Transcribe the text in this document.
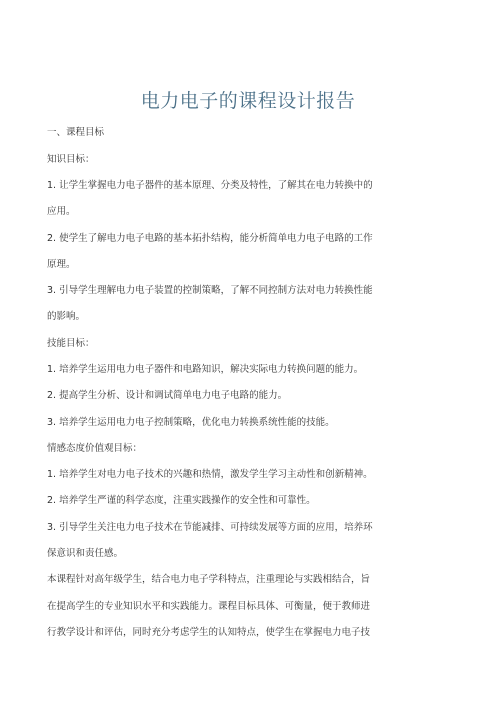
电力电子的课程设计报告
一、课程目标
知识目标：
1. 让学生掌握电力电子器件的基本原理、分类及特性，了解其在电力转换中的
应用。
2. 使学生了解电力电子电路的基本拓扑结构，能分析简单电力电子电路的工作
原理。
3. 引导学生理解电力电子装置的控制策略，了解不同控制方法对电力转换性能
的影响。
技能目标：
1. 培养学生运用电力电子器件和电路知识，解决实际电力转换问题的能力。
2. 提高学生分析、设计和调试简单电力电子电路的能力。
3. 培养学生运用电力电子控制策略，优化电力转换系统性能的技能。
情感态度价值观目标：
1. 培养学生对电力电子技术的兴趣和热情，激发学生学习主动性和创新精神。
2. 培养学生严谨的科学态度，注重实践操作的安全性和可靠性。
3. 引导学生关注电力电子技术在节能减排、可持续发展等方面的应用，培养环
保意识和责任感。
本课程针对高年级学生，结合电力电子学科特点，注重理论与实践相结合，旨
在提高学生的专业知识水平和实践能力。课程目标具体、可衡量，便于教师进
行教学设计和评估，同时充分考虑学生的认知特点，使学生在掌握电力电子技
